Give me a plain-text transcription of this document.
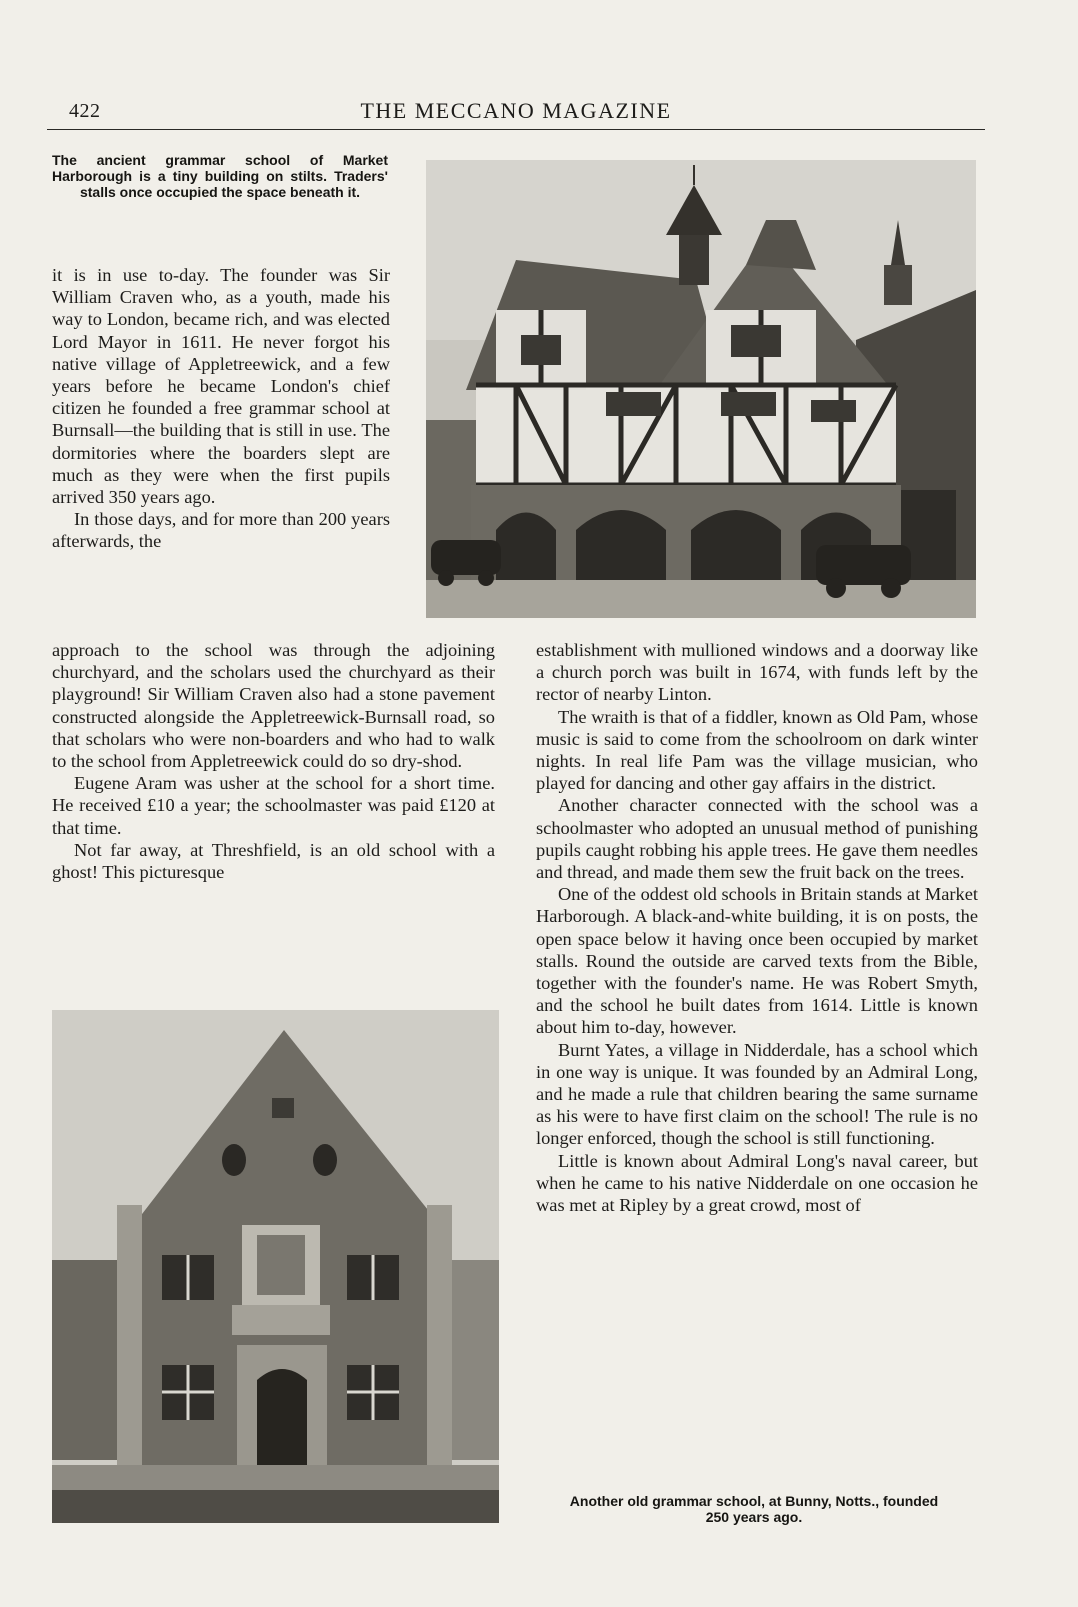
422	THE MECCANO MAGAZINE
The ancient grammar school of Market Harborough is a tiny building on stilts. Traders' stalls once occupied the space beneath it.

it is in use to-day. The founder was Sir William Craven who, as a youth, made his way to London, became rich, and was elected Lord Mayor in 1611. He never forgot his native village of Appletreewick, and a few years before he became London's chief citizen he founded a free grammar school at Burnsall—the building that is still in use. The dormitories where the boarders slept are much as they were when the first pupils arrived 350 years ago.

In those days, and for more than 200 years afterwards, the

approach to the school was through the adjoining churchyard, and the scholars used the churchyard as their playground! Sir William Craven also had a stone pavement constructed alongside the Appletreewick-Burnsall road, so that scholars who were non-boarders and who had to walk to the school from Appletreewick could do so dry-shod.

Eugene Aram was usher at the school for a short time. He received £10 a year; the schoolmaster was paid £120 at that time.

Not far away, at Threshfield, is an old school with a ghost! This picturesque

establishment with mullioned windows and a doorway like a church porch was built in 1674, with funds left by the rector of nearby Linton.

The wraith is that of a fiddler, known as Old Pam, whose music is said to come from the schoolroom on dark winter nights. In real life Pam was the village musician, who played for dancing and other gay affairs in the district.

Another character connected with the school was a schoolmaster who adopted an unusual method of punishing pupils caught robbing his apple trees. He gave them needles and thread, and made them sew the fruit back on the trees.

One of the oddest old schools in Britain stands at Market Harborough. A black-and-white building, it is on posts, the open space below it having once been occupied by market stalls. Round the outside are carved texts from the Bible, together with the founder's name. He was Robert Smyth, and the school he built dates from 1614. Little is known about him to-day, however.

Burnt Yates, a village in Nidderdale, has a school which in one way is unique. It was founded by an Admiral Long, and he made a rule that children bearing the same surname as his were to have first claim on the school! The rule is no longer enforced, though the school is still functioning.

Little is known about Admiral Long's naval career, but when he came to his native Nidderdale on one occasion he was met at Ripley by a great crowd, most of

Another old grammar school, at Bunny, Notts., founded
250 years ago.
